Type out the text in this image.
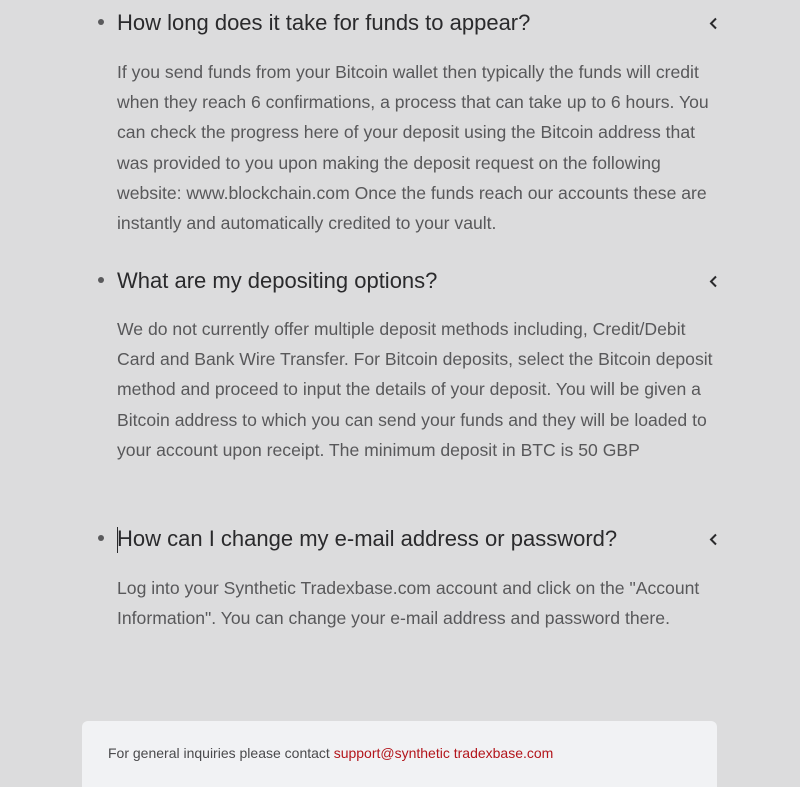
How long does it take for funds to appear?
If you send funds from your Bitcoin wallet then typically the funds will credit when they reach 6 confirmations, a process that can take up to 6 hours. You can check the progress here of your deposit using the Bitcoin address that was provided to you upon making the deposit request on the following website: www.blockchain.com Once the funds reach our accounts these are instantly and automatically credited to your vault.
What are my depositing options?
We do not currently offer multiple deposit methods including, Credit/Debit Card and Bank Wire Transfer. For Bitcoin deposits, select the Bitcoin deposit method and proceed to input the details of your deposit. You will be given a Bitcoin address to which you can send your funds and they will be loaded to your account upon receipt. The minimum deposit in BTC is 50 GBP
How can I change my e-mail address or password?
Log into your Synthetic Tradexbase.com account and click on the "Account Information". You can change your e-mail address and password there.
For general inquiries please contact support@synthetic tradexbase.com
